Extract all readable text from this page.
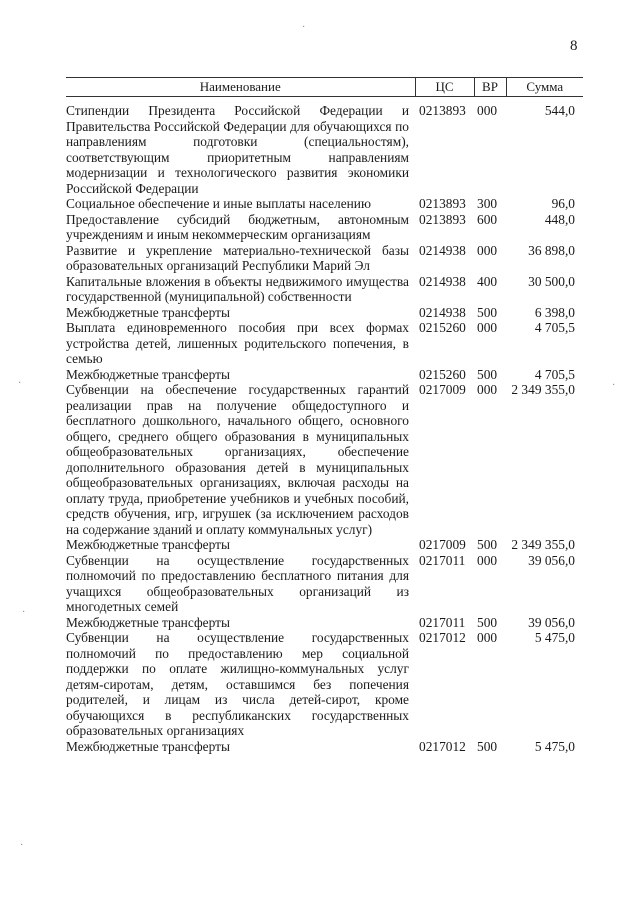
8
Наименование	ЦС	ВР	Сумма
Стипендии Президента Российской Федерации и Правительства Российской Федерации для обучающихся по направлениям подготовки (специальностям), соответствующим приоритетным направлениям модернизации и технологического развития экономики Российской Федерации	0213893	000	544,0
Социальное обеспечение и иные выплаты населению	0213893	300	96,0
Предоставление субсидий бюджетным, автономным учреждениям и иным некоммерческим организациям	0213893	600	448,0
Развитие и укрепление материально-технической базы образовательных организаций Республики Марий Эл	0214938	000	36 898,0
Капитальные вложения в объекты недвижимого имущества государственной (муниципальной) собственности	0214938	400	30 500,0
Межбюджетные трансферты	0214938	500	6 398,0
Выплата единовременного пособия при всех формах устройства детей, лишенных родительского попечения, в семью	0215260	000	4 705,5
Межбюджетные трансферты	0215260	500	4 705,5
Субвенции на обеспечение государственных гарантий реализации прав на получение общедоступного и бесплатного дошкольного, начального общего, основного общего, среднего общего образования в муниципальных общеобразовательных организациях, обеспечение дополнительного образования детей в муниципальных общеобразовательных организациях, включая расходы на оплату труда, приобретение учебников и учебных пособий, средств обучения, игр, игрушек (за исключением расходов на содержание зданий и оплату коммунальных услуг)	0217009	000	2 349 355,0
Межбюджетные трансферты	0217009	500	2 349 355,0
Субвенции на осуществление государственных полномочий по предоставлению бесплатного питания для учащихся общеобразовательных организаций из многодетных семей	0217011	000	39 056,0
Межбюджетные трансферты	0217011	500	39 056,0
Субвенции на осуществление государственных полномочий по предоставлению мер социальной поддержки по оплате жилищно-коммунальных услуг детям-сиротам, детям, оставшимся без попечения родителей, и лицам из числа детей-сирот, кроме обучающихся в республиканских государственных образовательных организациях	0217012	000	5 475,0
Межбюджетные трансферты	0217012	500	5 475,0
·
·
·
·
·
